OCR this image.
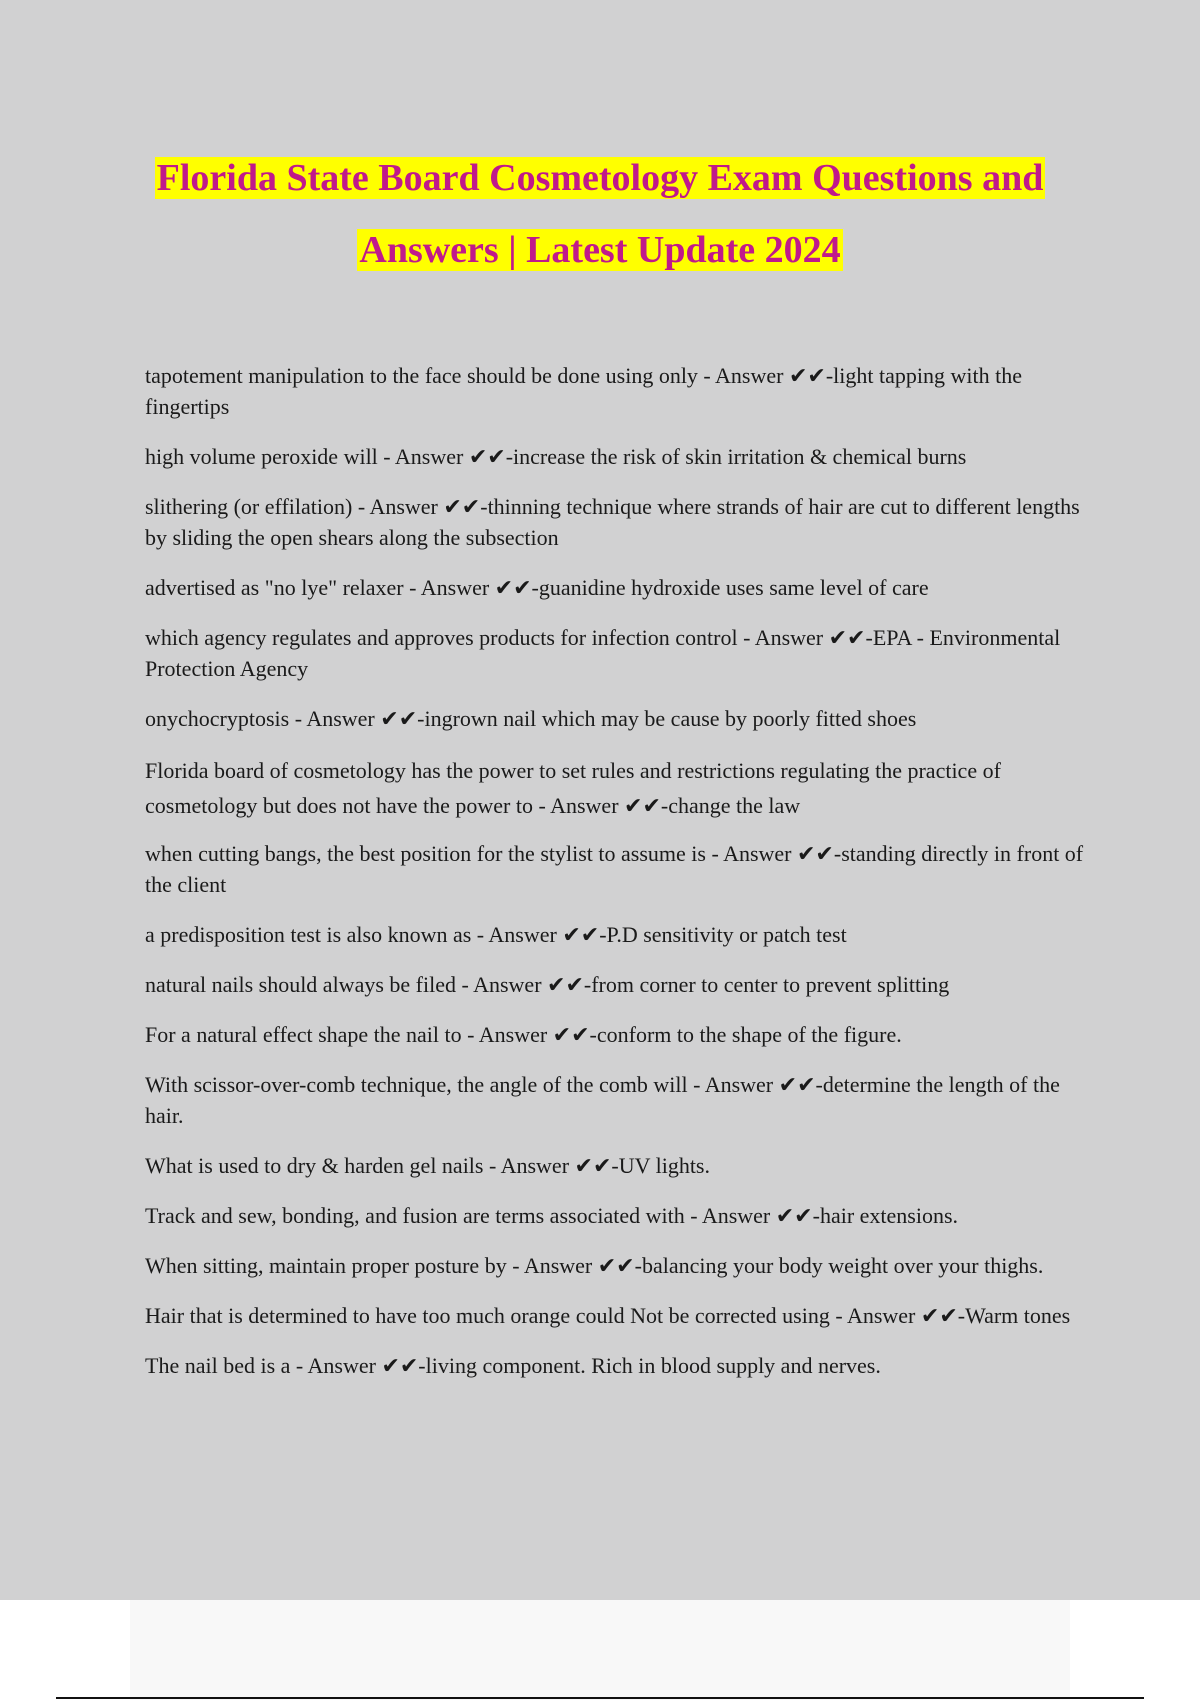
Florida State Board Cosmetology Exam Questions and
Answers | Latest Update 2024
tapotement manipulation to the face should be done using only - Answer ✔✔-light tapping with the fingertips
high volume peroxide will - Answer ✔✔-increase the risk of skin irritation & chemical burns
slithering (or effilation) - Answer ✔✔-thinning technique where strands of hair are cut to different lengths by sliding the open shears along the subsection
advertised as "no lye" relaxer - Answer ✔✔-guanidine hydroxide uses same level of care
which agency regulates and approves products for infection control - Answer ✔✔-EPA - Environmental Protection Agency
onychocryptosis - Answer ✔✔-ingrown nail which may be cause by poorly fitted shoes
Florida board of cosmetology has the power to set rules and restrictions regulating the practice of cosmetology but does not have the power to - Answer ✔✔-change the law
when cutting bangs, the best position for the stylist to assume is - Answer ✔✔-standing directly in front of the client
a predisposition test is also known as - Answer ✔✔-P.D sensitivity or patch test
natural nails should always be filed - Answer ✔✔-from corner to center to prevent splitting
For a natural effect shape the nail to - Answer ✔✔-conform to the shape of the figure.
With scissor-over-comb technique, the angle of the comb will - Answer ✔✔-determine the length of the hair.
What is used to dry & harden gel nails - Answer ✔✔-UV lights.
Track and sew, bonding, and fusion are terms associated with - Answer ✔✔-hair extensions.
When sitting, maintain proper posture by - Answer ✔✔-balancing your body weight over your thighs.
Hair that is determined to have too much orange could Not be corrected using - Answer ✔✔-Warm tones
The nail bed is a - Answer ✔✔-living component. Rich in blood supply and nerves.
